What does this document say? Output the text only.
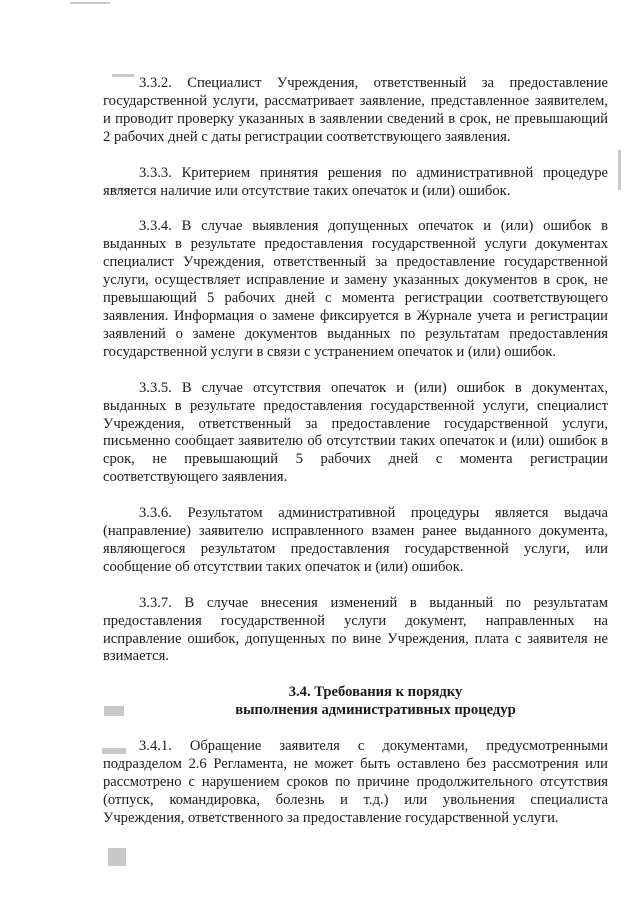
3.3.2. Специалист Учреждения, ответственный за предоставление государственной услуги, рассматривает заявление, представленное заявителем, и проводит проверку указанных в заявлении сведений в срок, не превышающий 2 рабочих дней с даты регистрации соответствующего заявления.

3.3.3. Критерием принятия решения по административной процедуре является наличие или отсутствие таких опечаток и (или) ошибок.

3.3.4. В случае выявления допущенных опечаток и (или) ошибок в выданных в результате предоставления государственной услуги документах специалист Учреждения, ответственный за предоставление государственной услуги, осуществляет исправление и замену указанных документов в срок, не превышающий 5 рабочих дней с момента регистрации соответствующего заявления. Информация о замене фиксируется в Журнале учета и регистрации заявлений о замене документов выданных по результатам предоставления государственной услуги в связи с устранением опечаток и (или) ошибок.

3.3.5. В случае отсутствия опечаток и (или) ошибок в документах, выданных в результате предоставления государственной услуги, специалист Учреждения, ответственный за предоставление государственной услуги, письменно сообщает заявителю об отсутствии таких опечаток и (или) ошибок в срок, не превышающий 5 рабочих дней с момента регистрации соответствующего заявления.

3.3.6. Результатом административной процедуры является выдача (направление) заявителю исправленного взамен ранее выданного документа, являющегося результатом предоставления государственной услуги, или сообщение об отсутствии таких опечаток и (или) ошибок.

3.3.7. В случае внесения изменений в выданный по результатам предоставления государственной услуги документ, направленных на исправление ошибок, допущенных по вине Учреждения, плата с заявителя не взимается.

3.4. Требования к порядку
выполнения административных процедур

3.4.1. Обращение заявителя с документами, предусмотренными подразделом 2.6 Регламента, не может быть оставлено без рассмотрения или рассмотрено с нарушением сроков по причине продолжительного отсутствия (отпуск, командировка, болезнь и т.д.) или увольнения специалиста Учреждения, ответственного за предоставление государственной услуги.
